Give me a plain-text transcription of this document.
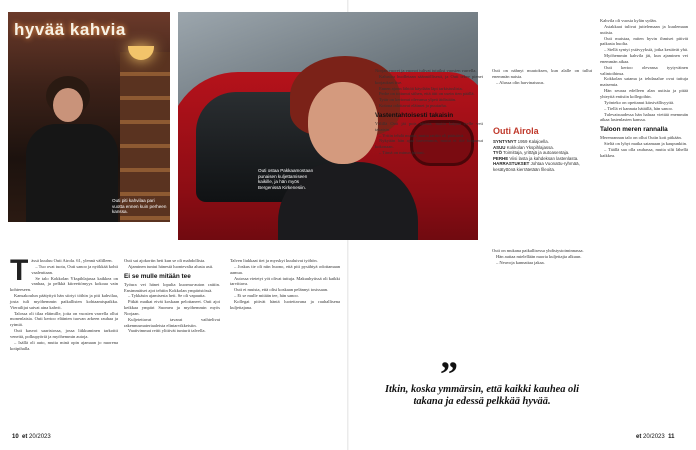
hyvää kahvia
Outi piti kahvilaa pari vuotta ennen kuin perheen kanssa.
Outi ostaa Pakkaamostaan punaisen kuljettamiseen kaikille, ja hän myös Bergenissä Kirkenesiin.
T ässä kuuluu Outi Airola. 61, ylennä välilleen.

– Tuo ovat tuotu, Outi sanoo ja nyökkää kohti vaaleuttaan.

Se talo Kokkolan Ykspihlajassa kaikkea on vanhaa, ja pelkkä kiireettömyys kokoaa vain kohteeseen.

Kansakoulun päätyttyä hän siirtyi töihin ja piti kahvilaa, josta tuli myöhemmin paikallisten kohtaamispaikka. Vierailijat saivat aina kahvit.

Talossa oli tilaa eläimille, joita on vuosien varrella ollut monenlaisia. Outi kertoo eläinten tuovan arkeen rauhaa ja rytmiä.

Outi kasvoi saaristossa, jossa liikkuminen tarkoitti veneitä, polkupyöriä ja myöhemmin autoja.

– Isällä oli auto, mutta minä opin ajamaan jo nuorena kotipihalla.

Outi sai ajokortin heti kun se oli mahdollista.

Ajaminen tuntui hänestä luontevalta alusta asti.

Ei se mulle mitään tee

Työura vei hänet lopulta kuorma-auton rattiin. Ensimmäiset ajot tehtiin Kokkolan ympäristössä.

– Tykkäsin ajamisesta heti. Se oli vapautta.

Pitkät matkat eivät koskaan pelottaneet. Outi ajoi keikkaa ympäri Suomea ja myöhemmin myös Norjaan.

Kuljetettavat tavarat vaihtelivat rakennusmateriaaleista elintarvikkeisiin.

Vaativimmat reitit ylittivät tunturit talvella.

Talven liukkaat tiet ja myrskyt kuuluivat työhön.

– Joskus tie oli niin huono, että piti pysähtyä odottamaan aamua.

Autossa vietetyt yöt olivat tuttuja. Makuuhytissä oli kaikki tarvittava.

Outi ei muista, että olisi koskaan pelännyt tosissaan.

– Ei se mulle mitään tee, hän sanoo.

Kollegat pitivät häntä luotettavana ja rauhallisena kuljettajana.

Norjan vuoret ja vuonot tulivat tutuiksi vuosien varrella.

Kalustoa huolletaan säännöllisesti, ja Outi tekee pienet korjaukset itse.

Ennen ajoon lähtöä käydään läpi tarkistuslista.

Perhe on tottunut siihen, että äiti on usein tien päällä.

Tytär on kertonut olevansa ylpeä äidistään.

Kotona odottavat eläimet ja puutarha.

Vastentahtoisesti takaisin

Välillä Outi jäi pois ajoista, mutta kaipuu tielle veti takaisin.

– Yritin tehdä muuta, mutta rattiin oli päästävä.

Nykyään hän ajaa harvemmin, mutta ei ole luopunut kokonaan.

– Tämä on minun juttuni.

Outi on nähnyt muutoksen, kun alalle on tullut enemmän naisia.

– Alussa olin harvinaisuus.

Outi Airola
SYNTYNYT 1959 Kalajoella.
ASUU Kokkolan Ykspihlajassa.
TYÖ Toimittaja, yrittäjä ja autoasentaja.
PERHE Viisi lasta ja kahdeksan lastenlasta.
HARRASTUKSET Johtaa Vuonattu-ryhmää, kesätyttönä kierrätetään fileoita.

Outi on mukana paikallisessa yhdistystoiminnassa.

Hän auttaa mielellään nuoria kuljettajia alkuun.

– Neuvoja kannattaa jakaa.

Kahvila oli vuosia kylän sydän.

Asiakkaat tulivat juttelemaan ja kuulemaan uutisia.

Outi muistaa, miten hyvin ihmiset pitivät paikasta huolta.

– Siellä syntyi ystävyyksiä, jotka kestävät yhä.

Myöhemmin kahvila jäi, kun ajaminen vei enemmän aikaa.

Outi kertoo olevansa tyytyväinen valintoihinsa.

Kokkolan satama ja tehdasalue ovat tuttuja maisemia.

Hän seuraa edelleen alan uutisia ja pitää yhteyttä entisiin kollegoihin.

Työnteko on opettanut kärsivällisyyttä.

– Tiellä ei kannata hätäillä, hän sanoo.

Tulevaisuudessa hän haluaa viettää enemmän aikaa lastenlasten kanssa.

Taloon meren rannalla

Merenrannan talo on ollut Outin koti pitkään.

Sieltä on lyhyt matka satamaan ja kaupunkiin.

– Täällä saa olla rauhassa, mutta silti lähellä kaikkea.

”
Itkin, koska ymmärsin, että kaikki kauhea oli takana ja edessä pelkkää hyvää.
10 et 20/2023	et 20/2023 11
